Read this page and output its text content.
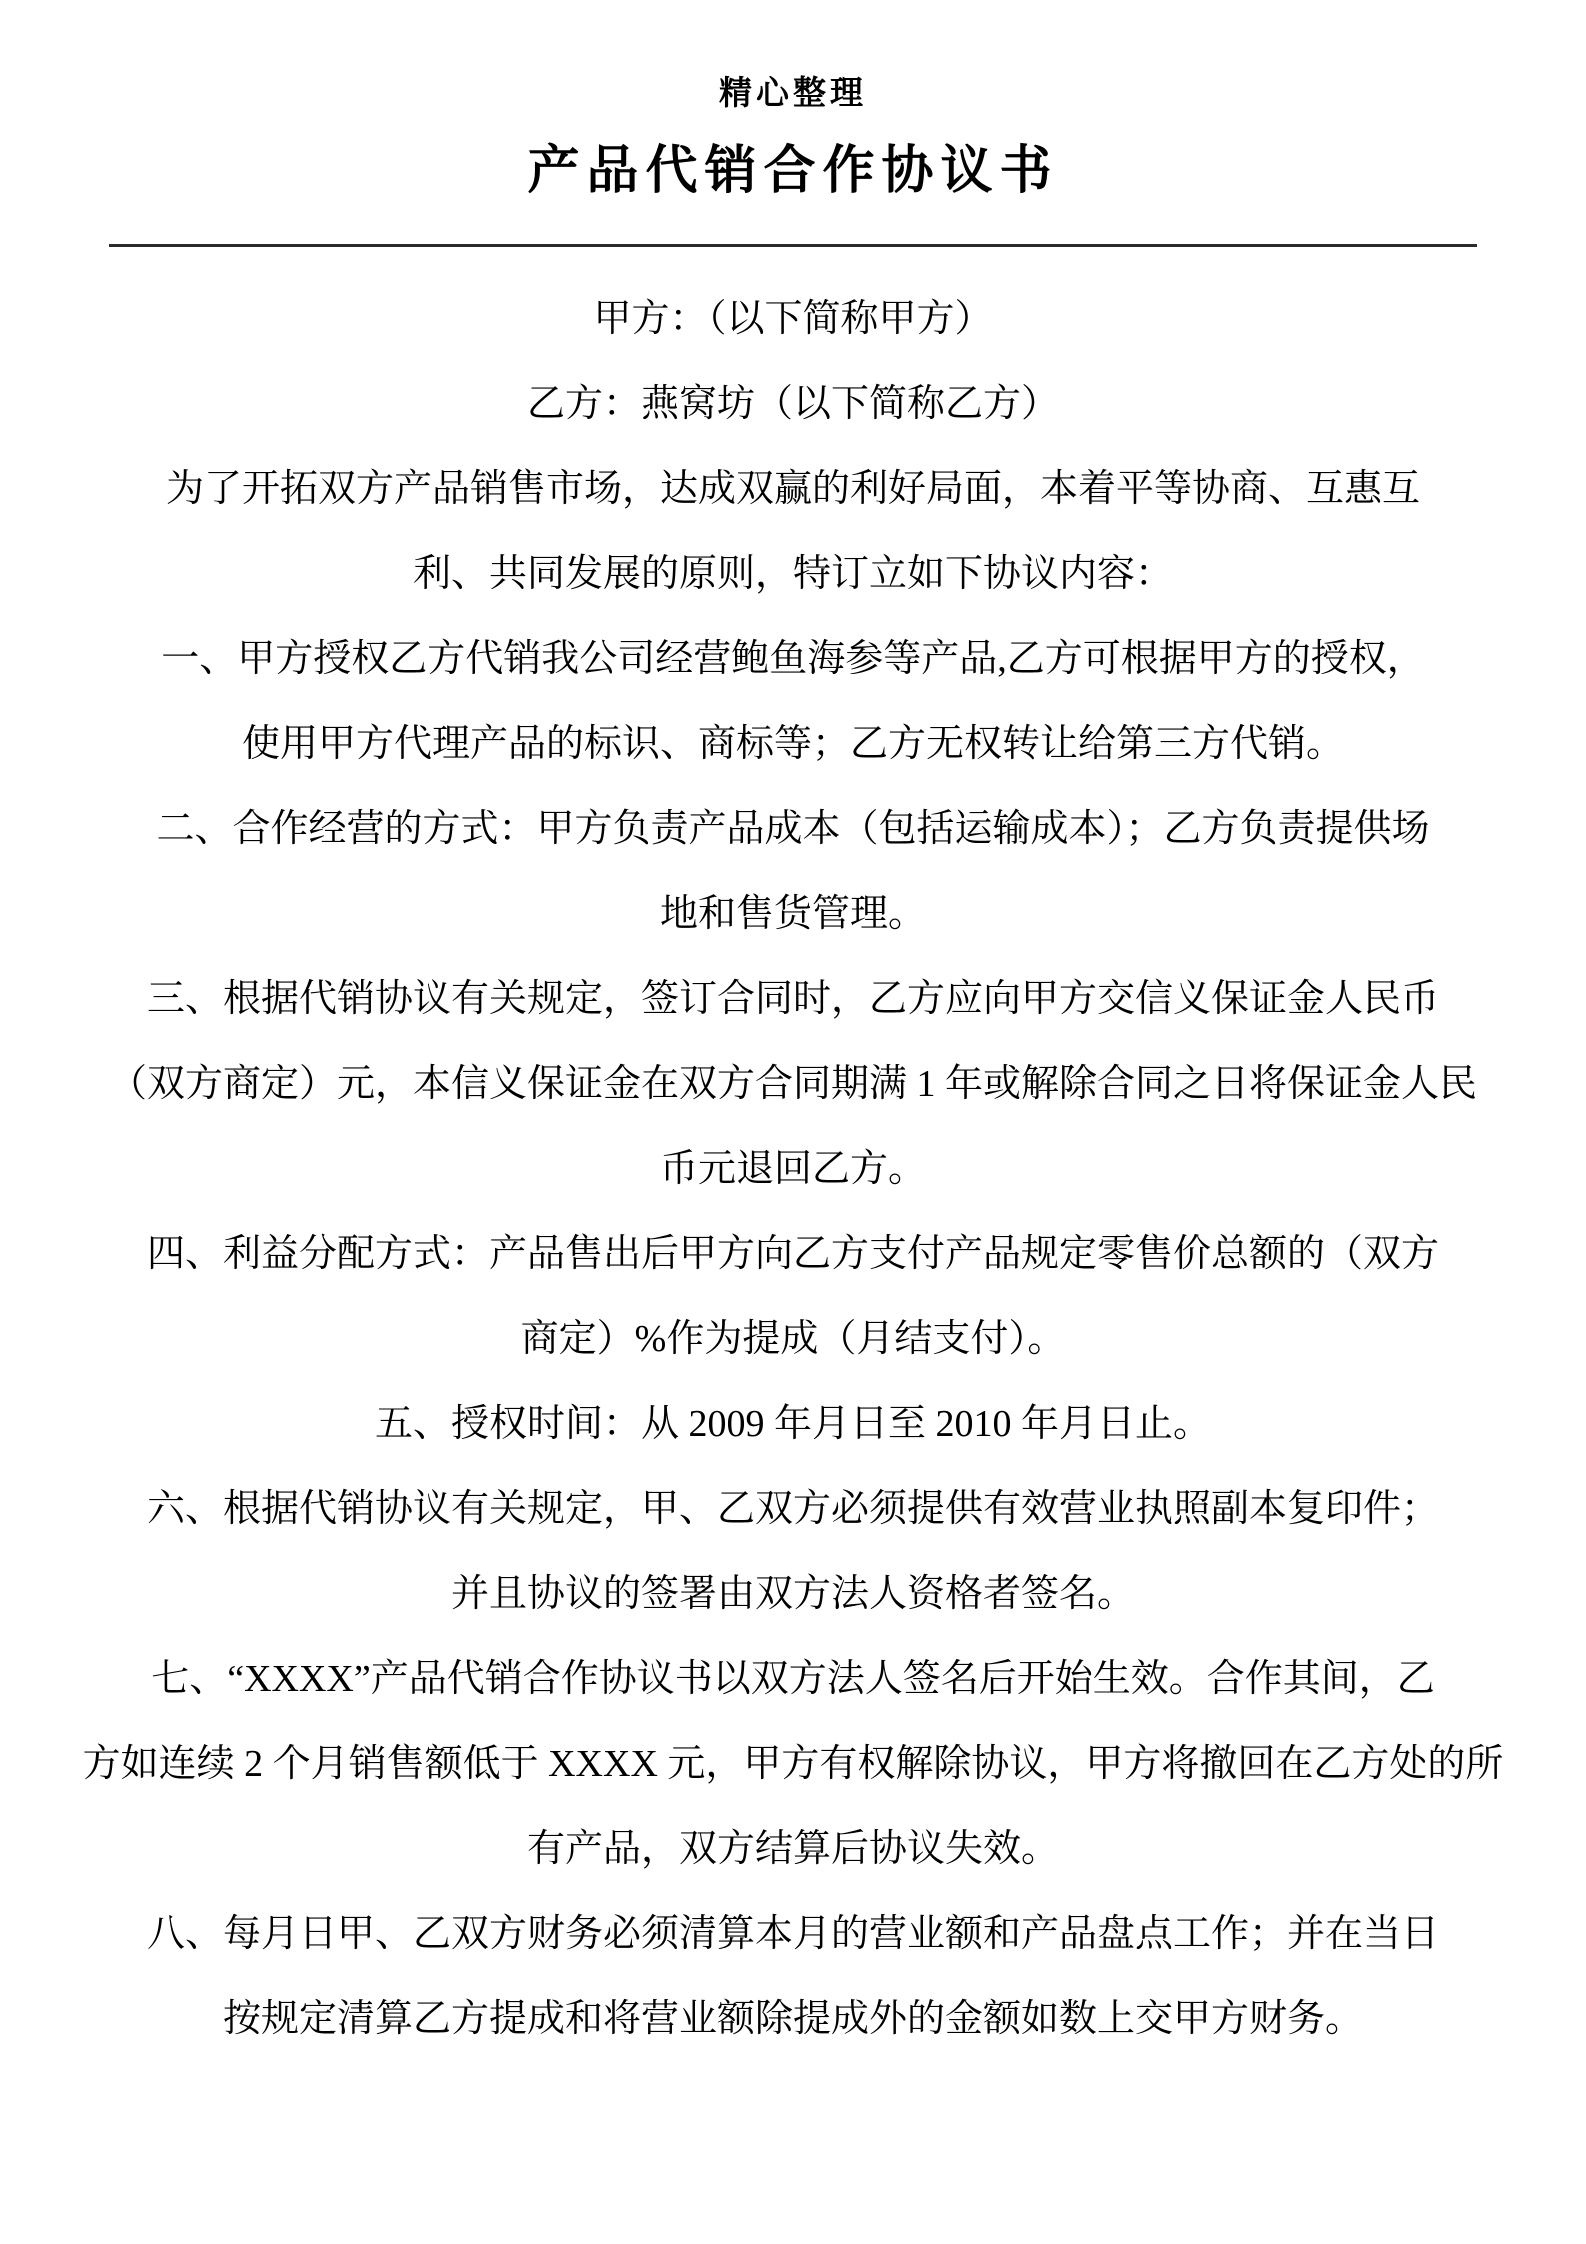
精心整理
产品代销合作协议书
甲方：（以下简称甲方）
乙方：燕窝坊（以下简称乙方）
为了开拓双方产品销售市场，达成双赢的利好局面，本着平等协商、互惠互
利、共同发展的原则，特订立如下协议内容：
一、甲方授权乙方代销我公司经营鲍鱼海参等产品,乙方可根据甲方的授权，
使用甲方代理产品的标识、商标等；乙方无权转让给第三方代销。
二、合作经营的方式：甲方负责产品成本（包括运输成本）；乙方负责提供场
地和售货管理。
三、根据代销协议有关规定，签订合同时，乙方应向甲方交信义保证金人民币
（双方商定）元，本信义保证金在双方合同期满 1 年或解除合同之日将保证金人民
币元退回乙方。
四、利益分配方式：产品售出后甲方向乙方支付产品规定零售价总额的（双方
商定）%作为提成（月结支付）。
五、授权时间：从 2009 年月日至 2010 年月日止。
六、根据代销协议有关规定，甲、乙双方必须提供有效营业执照副本复印件；
并且协议的签署由双方法人资格者签名。
七、“XXXX”产品代销合作协议书以双方法人签名后开始生效。合作其间，乙
方如连续 2 个月销售额低于 XXXX 元，甲方有权解除协议，甲方将撤回在乙方处的所
有产品，双方结算后协议失效。
八、每月日甲、乙双方财务必须清算本月的营业额和产品盘点工作；并在当日
按规定清算乙方提成和将营业额除提成外的金额如数上交甲方财务。
